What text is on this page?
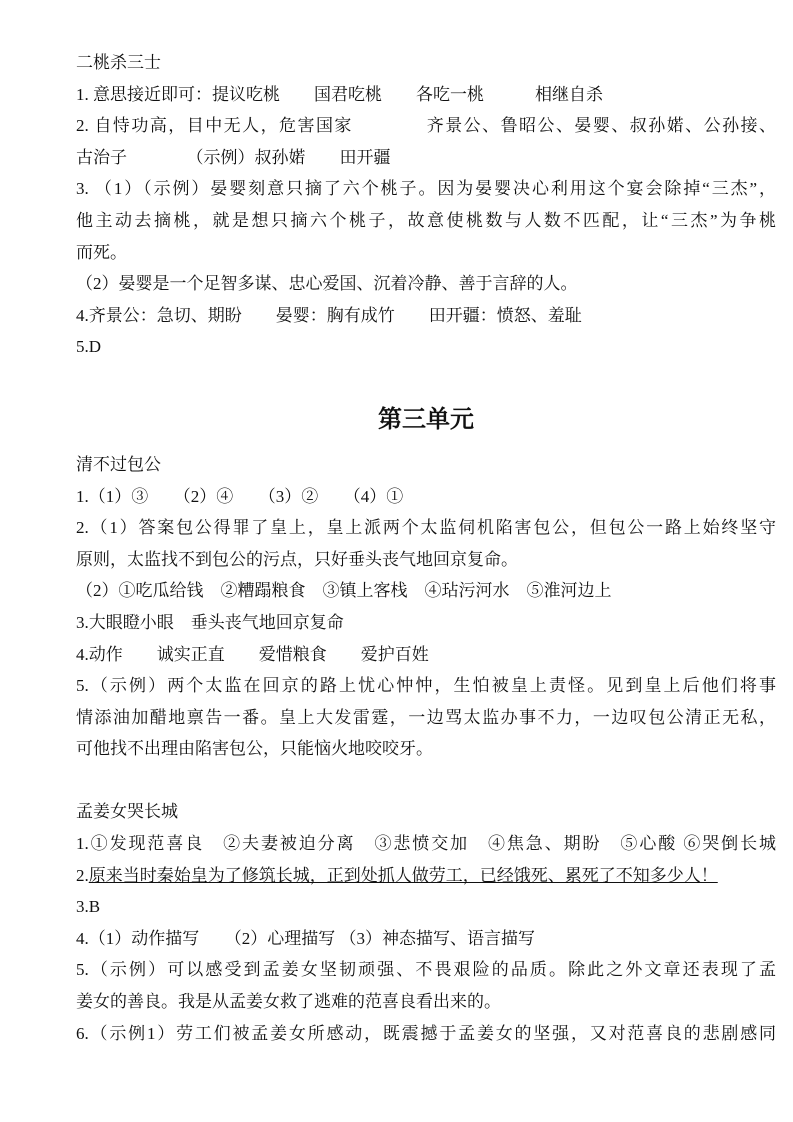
二桃杀三士
1. 意思接近即可：提议吃桃　　国君吃桃　　各吃一桃　　　相继自杀
2. 自恃功高，目中无人，危害国家　　　　齐景公、鲁昭公、晏婴、叔孙婼、公孙接、
古治子　　　　（示例）叔孙婼　　田开疆
3. （1）（示例）晏婴刻意只摘了六个桃子。因为晏婴决心利用这个宴会除掉“三杰”，
他主动去摘桃，就是想只摘六个桃子，故意使桃数与人数不匹配，让“三杰”为争桃
而死。
（2）晏婴是一个足智多谋、忠心爱国、沉着冷静、善于言辞的人。
4.齐景公：急切、期盼　　晏婴：胸有成竹　　田开疆：愤怒、羞耻
5.D
第三单元
清不过包公
1.（1）③　　（2）④　　（3）②　　（4）①
2.（1）答案包公得罪了皇上，皇上派两个太监伺机陷害包公，但包公一路上始终坚守
原则，太监找不到包公的污点，只好垂头丧气地回京复命。
（2）①吃瓜给钱　②糟蹋粮食　③镇上客栈　④玷污河水　⑤淮河边上
3.大眼瞪小眼　垂头丧气地回京复命
4.动作　　诚实正直　　爱惜粮食　　爱护百姓
5.（示例）两个太监在回京的路上忧心忡忡，生怕被皇上责怪。见到皇上后他们将事
情添油加醋地禀告一番。皇上大发雷霆，一边骂太监办事不力，一边叹包公清正无私，
可他找不出理由陷害包公，只能恼火地咬咬牙。
孟姜女哭长城
1.①发现范喜良　②夫妻被迫分离　③悲愤交加　④焦急、期盼　⑤心酸 ⑥哭倒长城
2.原来当时秦始皇为了修筑长城，正到处抓人做劳工，已经饿死、累死了不知多少人！
3.B
4.（1）动作描写　　（2）心理描写 （3）神态描写、语言描写
5.（示例）可以感受到孟姜女坚韧顽强、不畏艰险的品质。除此之外文章还表现了孟
姜女的善良。我是从孟姜女救了逃难的范喜良看出来的。
6.（示例1）劳工们被孟姜女所感动，既震撼于孟姜女的坚强，又对范喜良的悲剧感同
